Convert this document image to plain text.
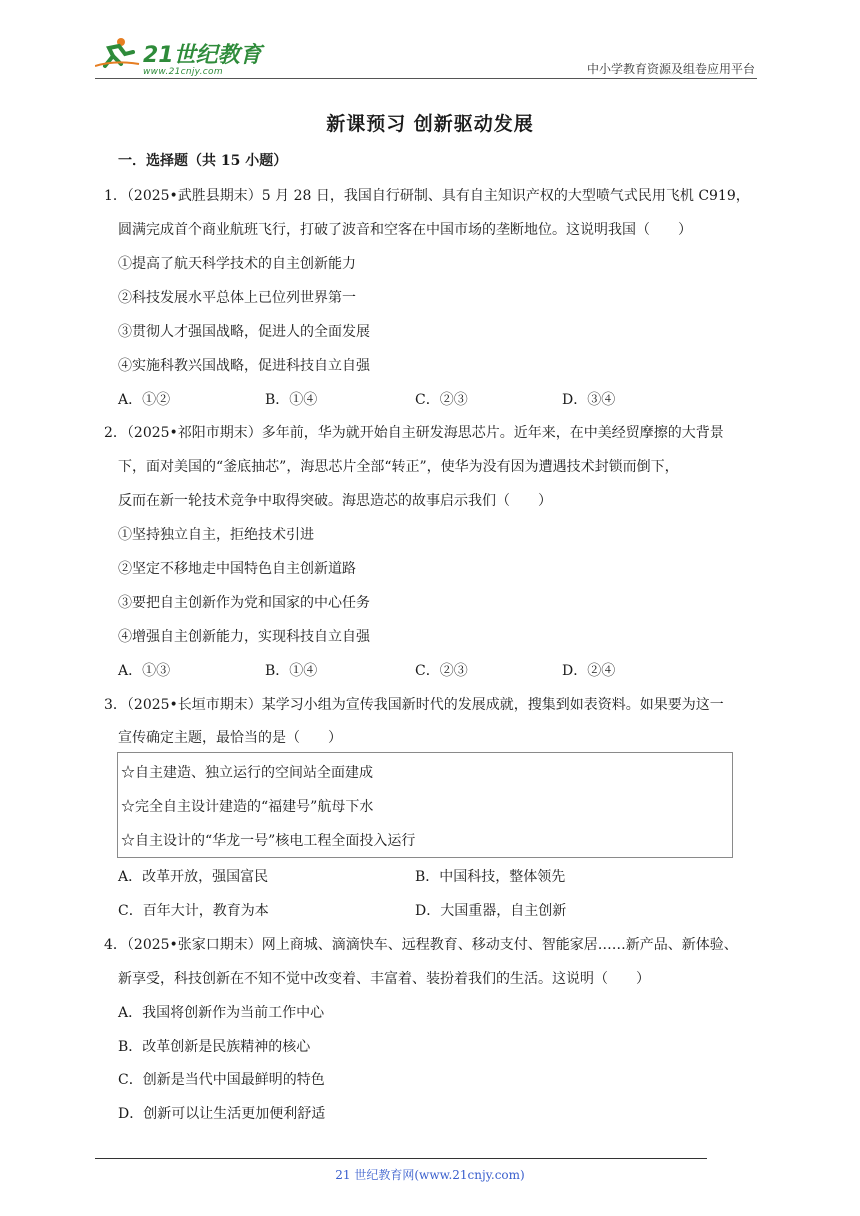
21世纪教育
www.21cnjy.com	中小学教育资源及组卷应用平台
新课预习 创新驱动发展
一．选择题（共 15 小题）
1．（2025•武胜县期末）5 月 28 日，我国自行研制、具有自主知识产权的大型喷气式民用飞机 C919，
圆满完成首个商业航班飞行，打破了波音和空客在中国市场的垄断地位。这说明我国（　　）
①提高了航天科学技术的自主创新能力
②科技发展水平总体上已位列世界第一
③贯彻人才强国战略，促进人的全面发展
④实施科教兴国战略，促进科技自立自强
A．①②	B．①④	C．②③	D．③④
2．（2025•祁阳市期末）多年前，华为就开始自主研发海思芯片。近年来，在中美经贸摩擦的大背景
下，面对美国的“釜底抽芯”，海思芯片全部“转正”，使华为没有因为遭遇技术封锁而倒下，
反而在新一轮技术竞争中取得突破。海思造芯的故事启示我们（　　）
①坚持独立自主，拒绝技术引进
②坚定不移地走中国特色自主创新道路
③要把自主创新作为党和国家的中心任务
④增强自主创新能力，实现科技自立自强
A．①③	B．①④	C．②③	D．②④
3．（2025•长垣市期末）某学习小组为宣传我国新时代的发展成就，搜集到如表资料。如果要为这一
宣传确定主题，最恰当的是（　　）
☆自主建造、独立运行的空间站全面建成
☆完全自主设计建造的“福建号”航母下水
☆自主设计的“华龙一号”核电工程全面投入运行
A．改革开放，强国富民	B．中国科技，整体领先
C．百年大计，教育为本	D．大国重器，自主创新
4．（2025•张家口期末）网上商城、滴滴快车、远程教育、移动支付、智能家居……新产品、新体验、
新享受，科技创新在不知不觉中改变着、丰富着、装扮着我们的生活。这说明（　　）
A．我国将创新作为当前工作中心
B．改革创新是民族精神的核心
C．创新是当代中国最鲜明的特色
D．创新可以让生活更加便利舒适
21 世纪教育网(www.21cnjy.com)
